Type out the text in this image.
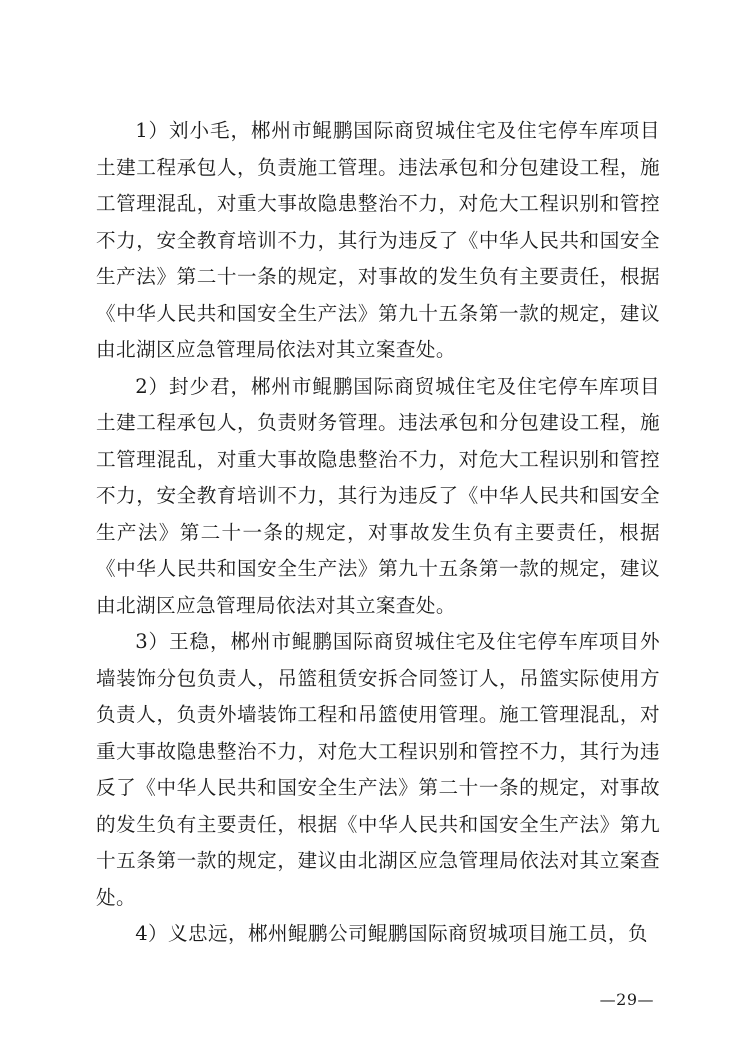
1）刘小毛，郴州市鲲鹏国际商贸城住宅及住宅停车库项目土建工程承包人，负责施工管理。违法承包和分包建设工程，施工管理混乱，对重大事故隐患整治不力，对危大工程识别和管控不力，安全教育培训不力，其行为违反了《中华人民共和国安全生产法》第二十一条的规定，对事故的发生负有主要责任，根据《中华人民共和国安全生产法》第九十五条第一款的规定，建议由北湖区应急管理局依法对其立案查处。

2）封少君，郴州市鲲鹏国际商贸城住宅及住宅停车库项目土建工程承包人，负责财务管理。违法承包和分包建设工程，施工管理混乱，对重大事故隐患整治不力，对危大工程识别和管控不力，安全教育培训不力，其行为违反了《中华人民共和国安全生产法》第二十一条的规定，对事故发生负有主要责任，根据《中华人民共和国安全生产法》第九十五条第一款的规定，建议由北湖区应急管理局依法对其立案查处。

3）王稳，郴州市鲲鹏国际商贸城住宅及住宅停车库项目外墙装饰分包负责人，吊篮租赁安拆合同签订人，吊篮实际使用方负责人，负责外墙装饰工程和吊篮使用管理。施工管理混乱，对重大事故隐患整治不力，对危大工程识别和管控不力，其行为违反了《中华人民共和国安全生产法》第二十一条的规定，对事故的发生负有主要责任，根据《中华人民共和国安全生产法》第九十五条第一款的规定，建议由北湖区应急管理局依法对其立案查处。

4）义忠远，郴州鲲鹏公司鲲鹏国际商贸城项目施工员，负

—29—
